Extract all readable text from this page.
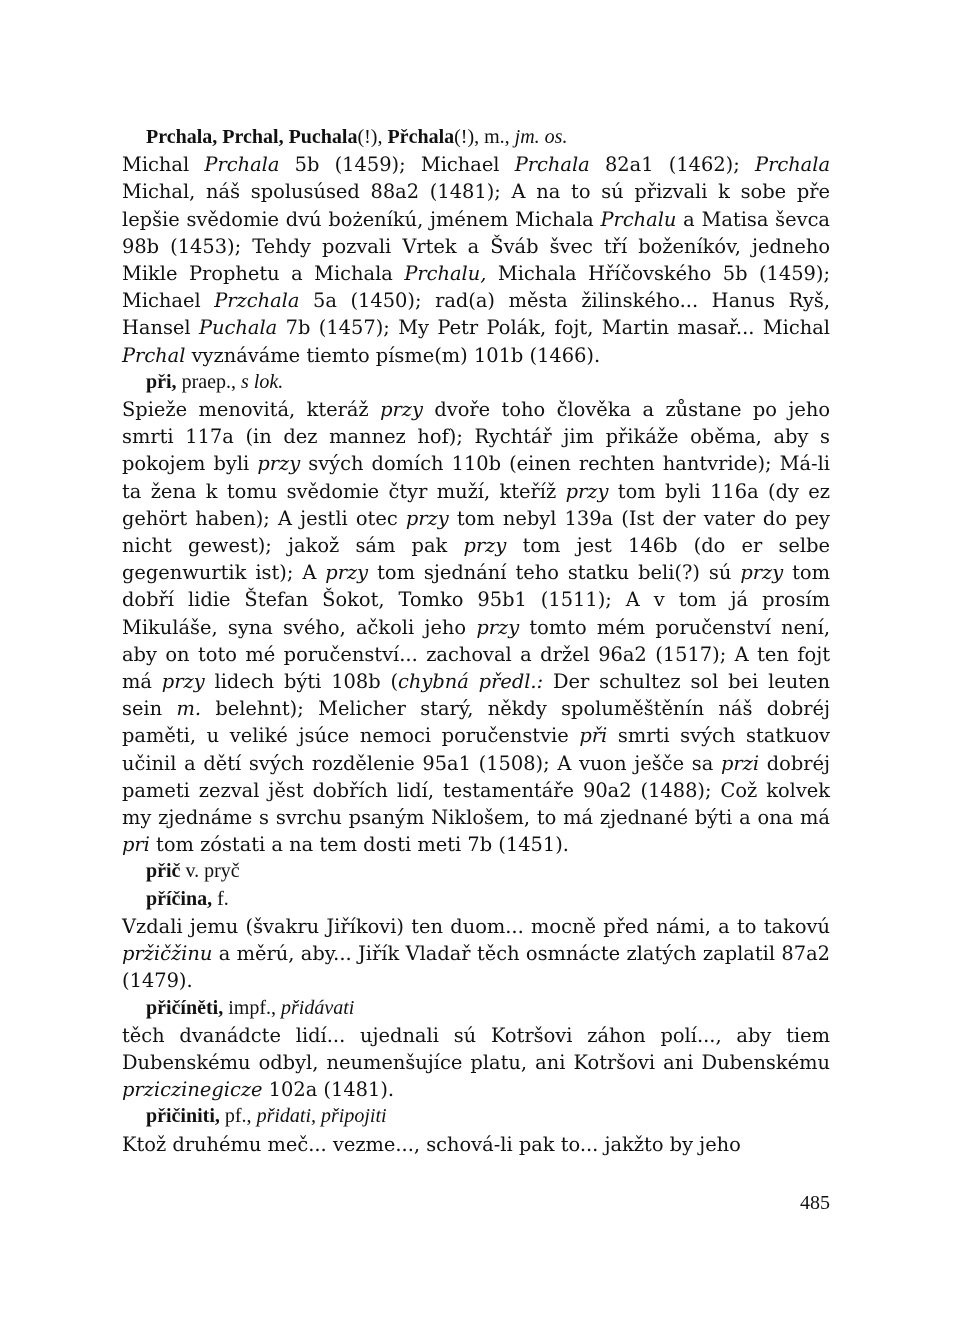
Prchala, Prchal, Puchala(!), Přchala(!), m., jm. os.

Michal Prchala 5b (1459); Michael Prchala 82a1 (1462); Prchala Michal, náš spolusúsed 88a2 (1481); A na to sú přizvali k sobe pře lepšie svědomie dvú bożeníkú, jménem Michala Prchalu a Matisa ševca 98b (1453); Tehdy pozvali Vrtek a Šváb švec tří boženíkóv, jedneho Mikle Prophetu a Michala Prchalu, Michala Hříčovského 5b (1459); Michael Przchala 5a (1450); rad(a) města žilinského... Hanus Ryš, Hansel Puchala 7b (1457); My Petr Polák, fojt, Martin masař... Michal Prchal vyznáváme tiemto písme(m) 101b (1466).

při, praep., s lok.

Spieže menovitá, kteráž przy dvoře toho člověka a zůstane po jeho smrti 117a (in dez mannez hof); Rychtář jim přikáže oběma, aby s pokojem byli przy svých domích 110b (einen rechten hantvride); Má-li ta žena k tomu svědomie čtyr muží, kteříž przy tom byli 116a (dy ez gehört haben); A jestli otec przy tom nebyl 139a (Ist der vater do pey nicht gewest); jakož sám pak przy tom jest 146b (do er selbe gegenwurtik ist); A przy tom sjednání teho statku beli(?) sú przy tom dobří lidie Štefan Šokot, Tomko 95b1 (1511); A v tom já prosím Mikuláše, syna svého, ačkoli jeho przy tomto mém poručenství není, aby on toto mé poručenství... zachoval a držel 96a2 (1517); A ten fojt má przy lidech býti 108b (chybná předl.: Der schultez sol bei leuten sein m. belehnt); Melicher starý, někdy spoluměštěnín náš dobréj paměti, u veliké jsúce nemoci poručenstvie při smrti svých statkuov učinil a dětí svých rozdělenie 95a1 (1508); A vuon ješče sa przi dobréj pameti zezval jěst dobřích lidí, testamentáře 90a2 (1488); Což kolvek my zjednáme s svrchu psaným Niklošem, to má zjednané býti a ona má pri tom zóstati a na tem dosti meti 7b (1451).

přič v. pryč

příčina, f.

Vzdali jemu (švakru Jiříkovi) ten duom... mocně před námi, a to takovú pržičžinu a měrú, aby... Jiřík Vladař těch osmnácte zlatých zaplatil 87a2 (1479).

přičíněti, impf., přidávati

těch dvanádcte lidí... ujednali sú Kotršovi záhon polí..., aby tiem Dubenskému odbyl, neumenšujíce platu, ani Kotršovi ani Dubenskému prziczinegicze 102a (1481).

přičiniti, pf., přidati, připojiti

Ktož druhému meč... vezme..., schová-li pak to... jakžto by jeho

485
